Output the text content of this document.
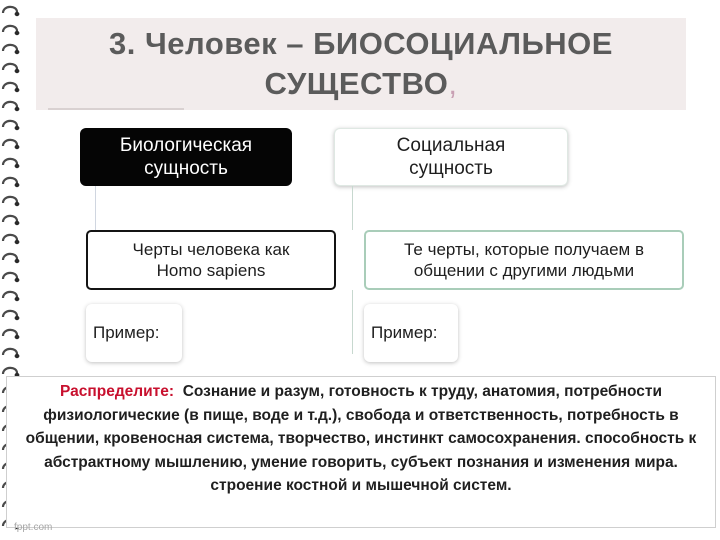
3. Человек – БИОСОЦИАЛЬНОЕ
СУЩЕСТВО,
Биологическая
сущность
Социальная
сущность
Черты человека как
Homo sapiens
Те черты, которые получаем в
общении с другими людьми
Пример:	Пример:
Распределите: Сознание и разум, готовность к труду, анатомия, потребности физиологические (в пище, воде и т.д.), свобода и ответственность, потребность в общении, кровеносная система, творчество, инстинкт самосохранения. способность к абстрактному мышлению, умение говорить, субъект познания и изменения мира. строение костной и мышечной систем.
fppt.com
